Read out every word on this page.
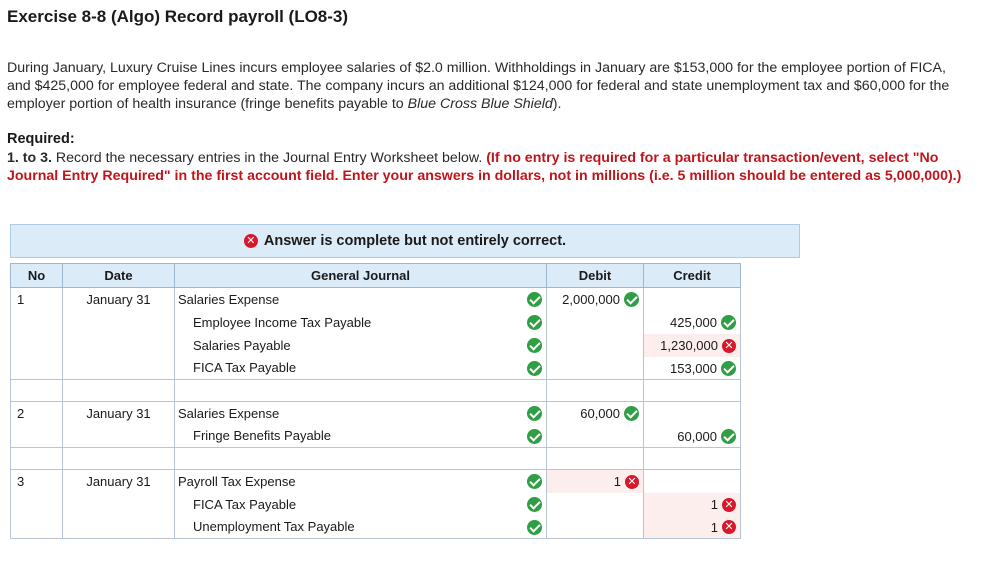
Exercise 8-8 (Algo) Record payroll (LO8-3)
During January, Luxury Cruise Lines incurs employee salaries of $2.0 million. Withholdings in January are $153,000 for the employee portion of FICA, and $425,000 for employee federal and state. The company incurs an additional $124,000 for federal and state unemployment tax and $60,000 for the employer portion of health insurance (fringe benefits payable to Blue Cross Blue Shield).
Required:
1. to 3. Record the necessary entries in the Journal Entry Worksheet below. (If no entry is required for a particular transaction/event, select "No Journal Entry Required" in the first account field. Enter your answers in dollars, not in millions (i.e. 5 million should be entered as 5,000,000).)
✕ Answer is complete but not entirely correct.
No	Date	General Journal	Debit	Credit
1	January 31	Salaries Expense	2,000,000	
		Employee Income Tax Payable		425,000
		Salaries Payable		1,230,000 ✕
		FICA Tax Payable		153,000

2	January 31	Salaries Expense	60,000	
		Fringe Benefits Payable		60,000

3	January 31	Payroll Tax Expense	1 ✕	
		FICA Tax Payable		1 ✕
		Unemployment Tax Payable		1 ✕
